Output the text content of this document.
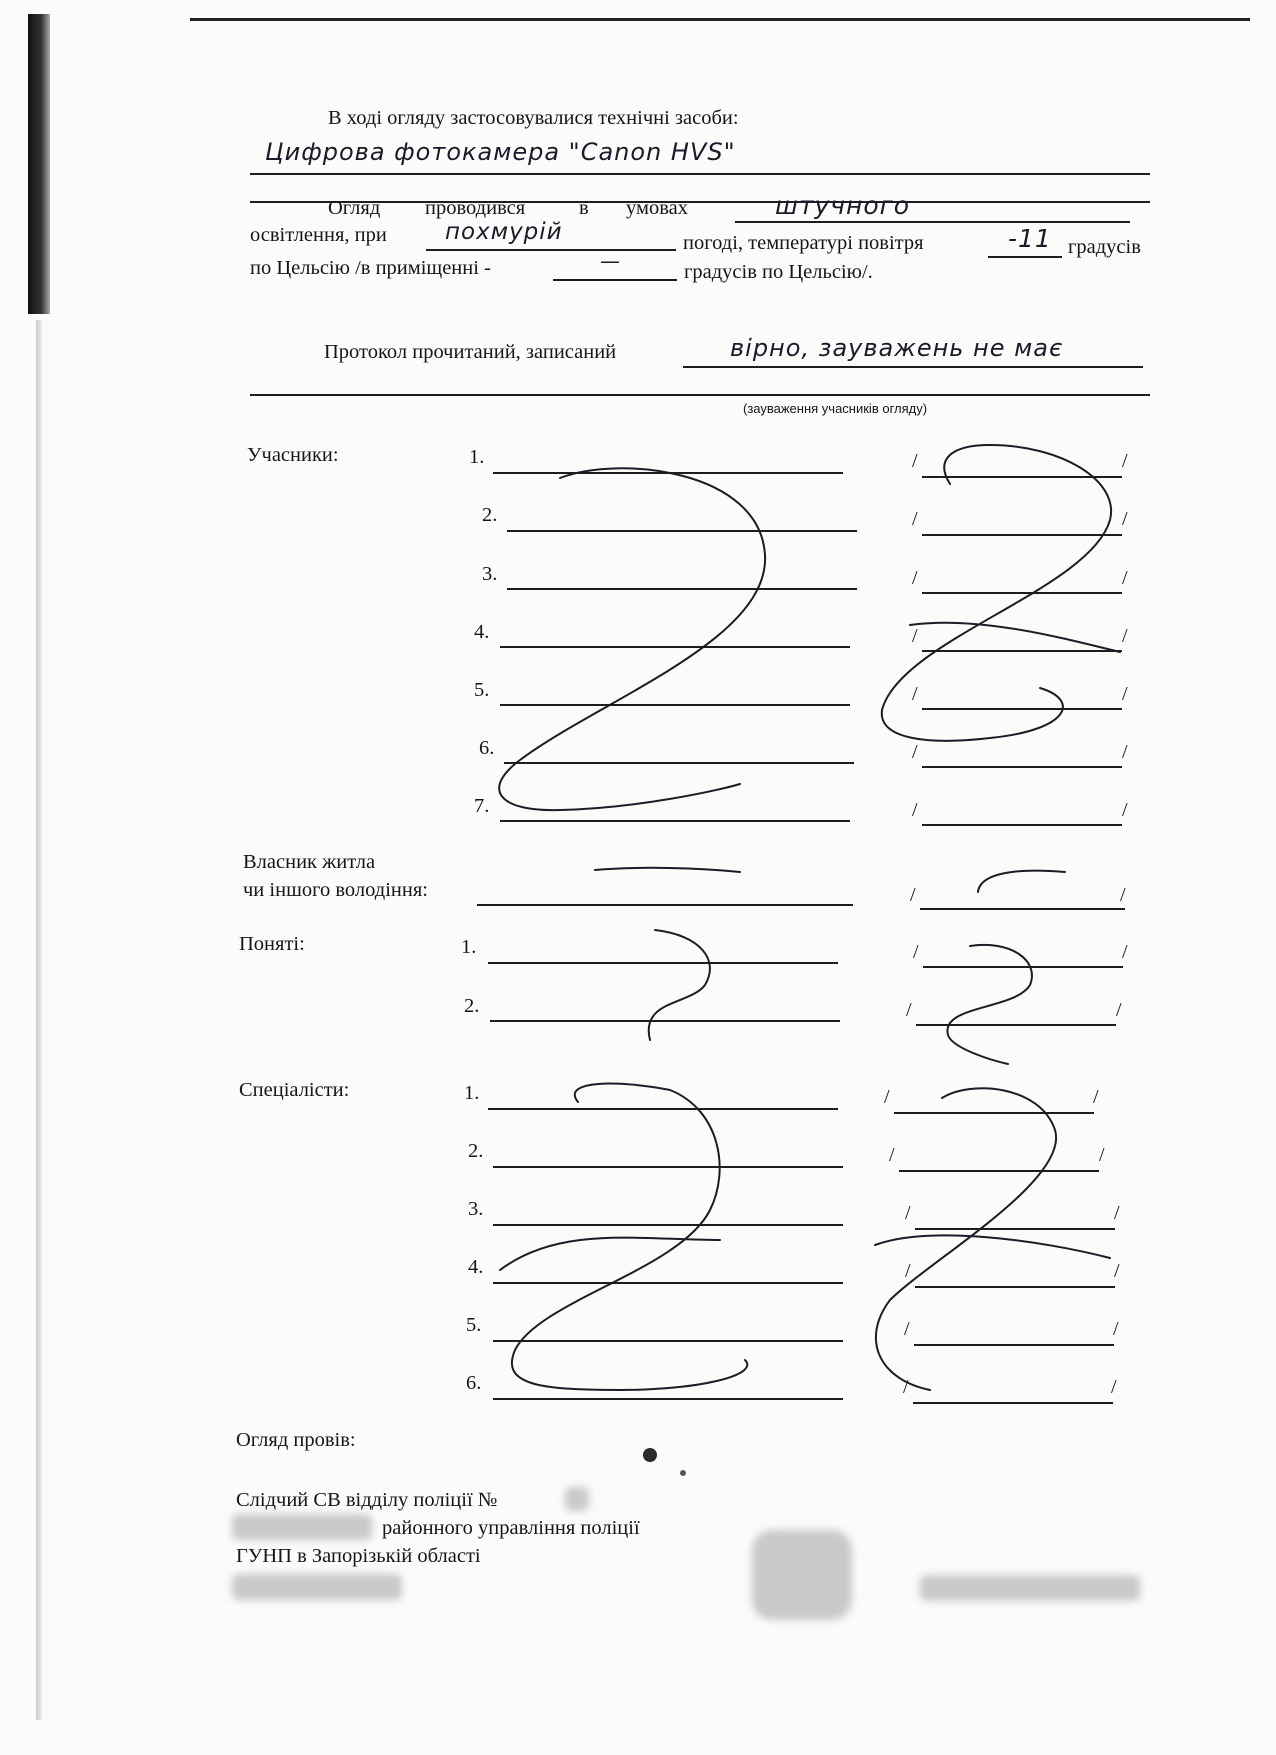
В ході огляду застосовувалися технічні засоби:
Цифрова фотокамера "Canon HVS"
Огляд проводився	в умовах	штучного
освітлення, при	похмурій	погоді, температурі повітря	-11 градусів
по Цельсію /в приміщенні -	—	градусів по Цельсію/.
Протокол прочитаний, записаний	вірно, зауважень не має
(зауваження учасників огляду)
Учасники:	1.	/	/
2.	/	/
3.	/	/
4.	/	/
5.	/	/
6.	/	/
7.	/	/
Власник житла
чи іншого володіння:	/	/
Поняті:	1.	/	/
2.	/	/
Спеціалісти:	1.	/	/
2.	/	/
3.	/	/
4.	/	/
5.	/	/
6.	/	/
Огляд провів:
Слідчий СВ відділу поліції №
районного управління поліції
ГУНП в Запорізькій області
